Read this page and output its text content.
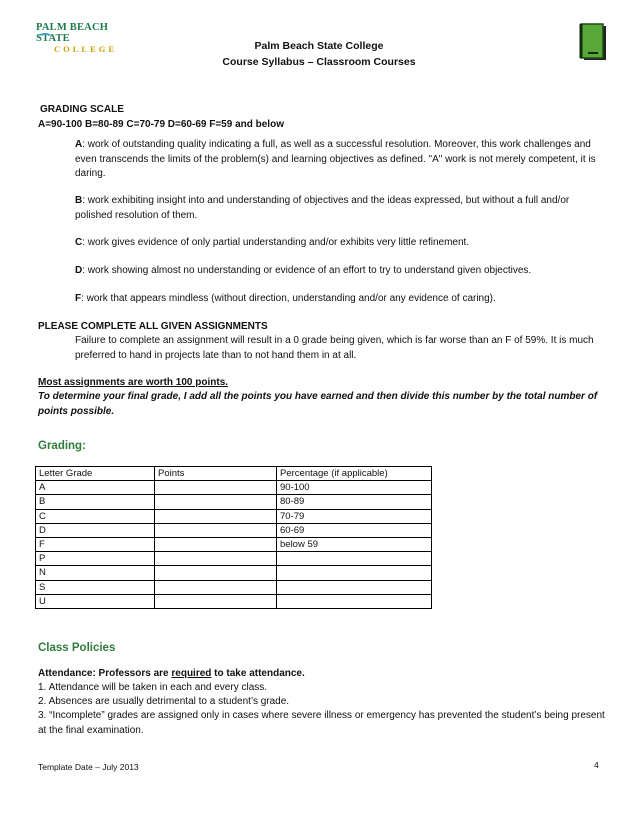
PALM BEACH STATE
COLLEGE	Palm Beach State College
Course Syllabus – Classroom Courses
GRADING SCALE
A=90-100 B=80-89 C=70-79 D=60-69 F=59 and below
A: work of outstanding quality indicating a full, as well as a successful resolution. Moreover, this work challenges and even transcends the limits of the problem(s) and learning objectives as defined. "A" work is not merely competent, it is daring.
B: work exhibiting insight into and understanding of objectives and the ideas expressed, but without a full and/or polished resolution of them.
C: work gives evidence of only partial understanding and/or exhibits very little refinement.
D: work showing almost no understanding or evidence of an effort to try to understand given objectives.
F: work that appears mindless (without direction, understanding and/or any evidence of caring).
PLEASE COMPLETE ALL GIVEN ASSIGNMENTS
Failure to complete an assignment will result in a 0 grade being given, which is far worse than an F of 59%. It is much preferred to hand in projects late than to not hand them in at all.
Most assignments are worth 100 points.
To determine your final grade, I add all the points you have earned and then divide this number by the total number of points possible.
Grading:
Letter Grade	Points	Percentage (if applicable)
A		90-100
B		80-89
C		70-79
D		60-69
F		below 59
P		
N		
S		
U		
Class Policies
Attendance: Professors are required to take attendance.
1. Attendance will be taken in each and every class.
2. Absences are usually detrimental to a student’s grade.
3. “Incomplete” grades are assigned only in cases where severe illness or emergency has prevented the student’s being present at the final examination.
Template Date – July 2013	4
